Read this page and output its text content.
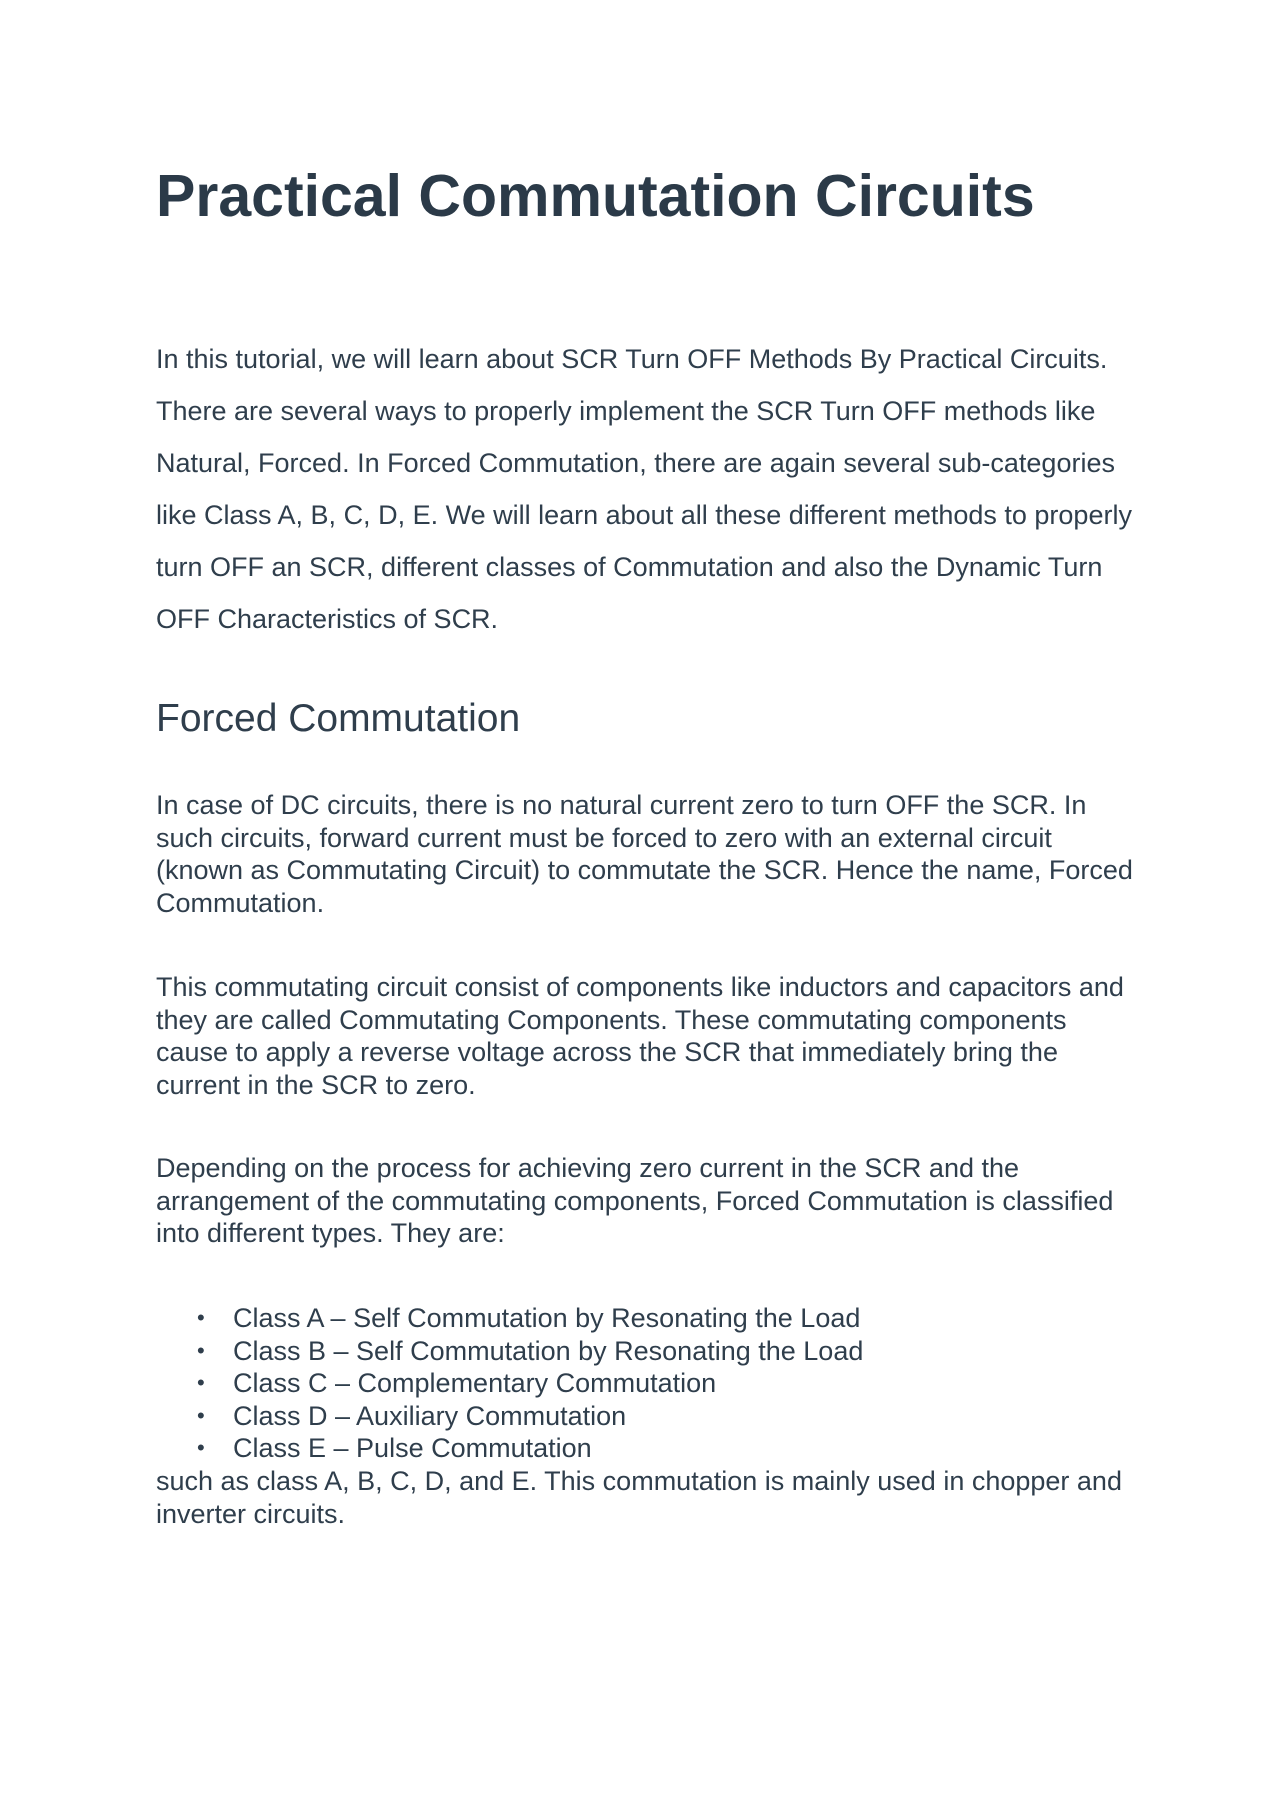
Practical Commutation Circuits

In this tutorial, we will learn about SCR Turn OFF Methods By Practical Circuits. There are several ways to properly implement the SCR Turn OFF methods like Natural, Forced. In Forced Commutation, there are again several sub-categories like Class A, B, C, D, E. We will learn about all these different methods to properly turn OFF an SCR, different classes of Commutation and also the Dynamic Turn OFF Characteristics of SCR.

Forced Commutation

In case of DC circuits, there is no natural current zero to turn OFF the SCR. In such circuits, forward current must be forced to zero with an external circuit (known as Commutating Circuit) to commutate the SCR. Hence the name, Forced Commutation.

This commutating circuit consist of components like inductors and capacitors and they are called Commutating Components. These commutating components cause to apply a reverse voltage across the SCR that immediately bring the current in the SCR to zero.

Depending on the process for achieving zero current in the SCR and the arrangement of the commutating components, Forced Commutation is classified into different types. They are:

• Class A – Self Commutation by Resonating the Load
• Class B – Self Commutation by Resonating the Load
• Class C – Complementary Commutation
• Class D – Auxiliary Commutation
• Class E – Pulse Commutation

such as class A, B, C, D, and E. This commutation is mainly used in chopper and inverter circuits.
